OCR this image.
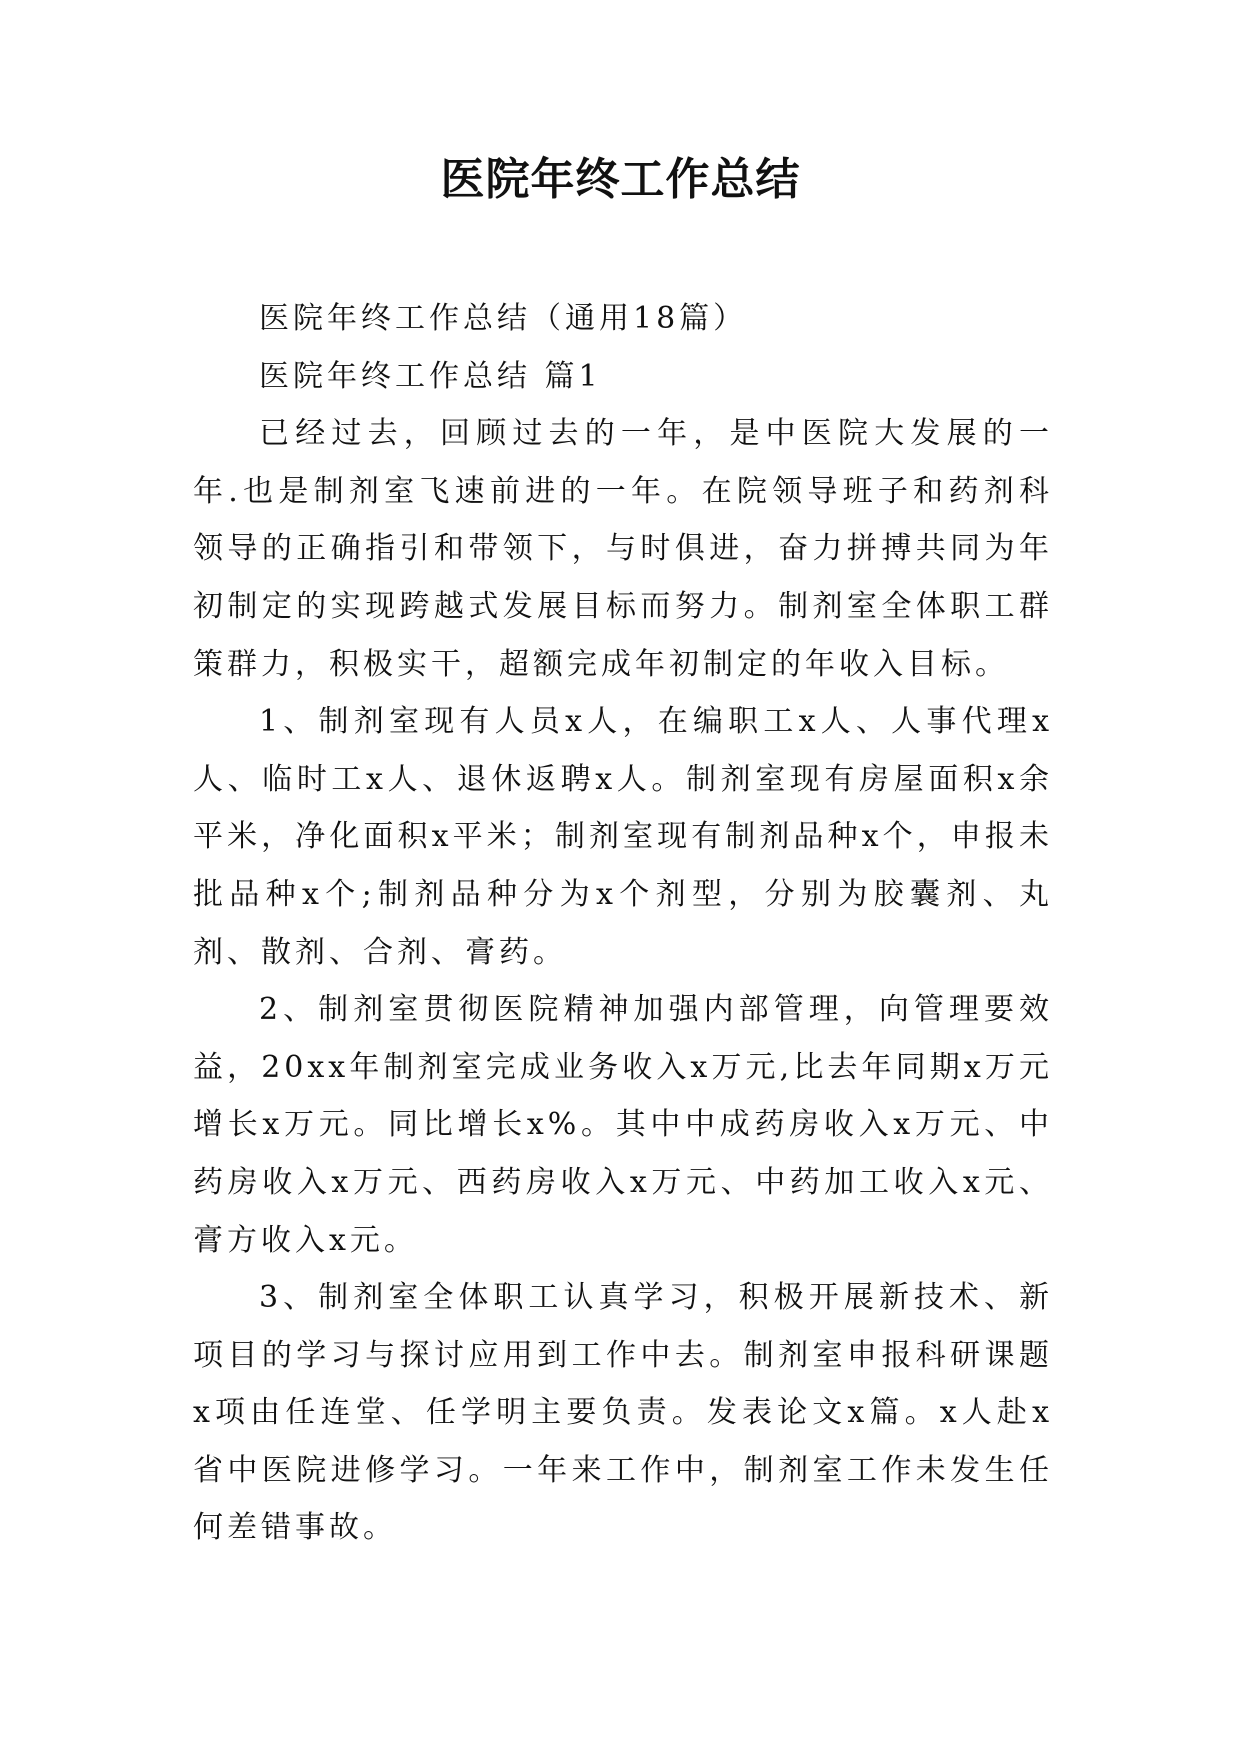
医院年终工作总结

医院年终工作总结（通用18篇）

医院年终工作总结 篇1

已经过去，回顾过去的一年，是中医院大发展的一年.也是制剂室飞速前进的一年。在院领导班子和药剂科领导的正确指引和带领下，与时俱进，奋力拼搏共同为年初制定的实现跨越式发展目标而努力。制剂室全体职工群策群力，积极实干，超额完成年初制定的年收入目标。

1、制剂室现有人员x人，在编职工x人、人事代理x人、临时工x人、退休返聘x人。制剂室现有房屋面积x余平米，净化面积x平米；制剂室现有制剂品种x个，申报未批品种x个;制剂品种分为x个剂型，分别为胶囊剂、丸剂、散剂、合剂、膏药。

2、制剂室贯彻医院精神加强内部管理，向管理要效益，20xx年制剂室完成业务收入x万元,比去年同期x万元增长x万元。同比增长x%。其中中成药房收入x万元、中药房收入x万元、西药房收入x万元、中药加工收入x元、膏方收入x元。

3、制剂室全体职工认真学习，积极开展新技术、新项目的学习与探讨应用到工作中去。制剂室申报科研课题x项由任连堂、任学明主要负责。发表论文x篇。x人赴x省中医院进修学习。一年来工作中，制剂室工作未发生任何差错事故。
